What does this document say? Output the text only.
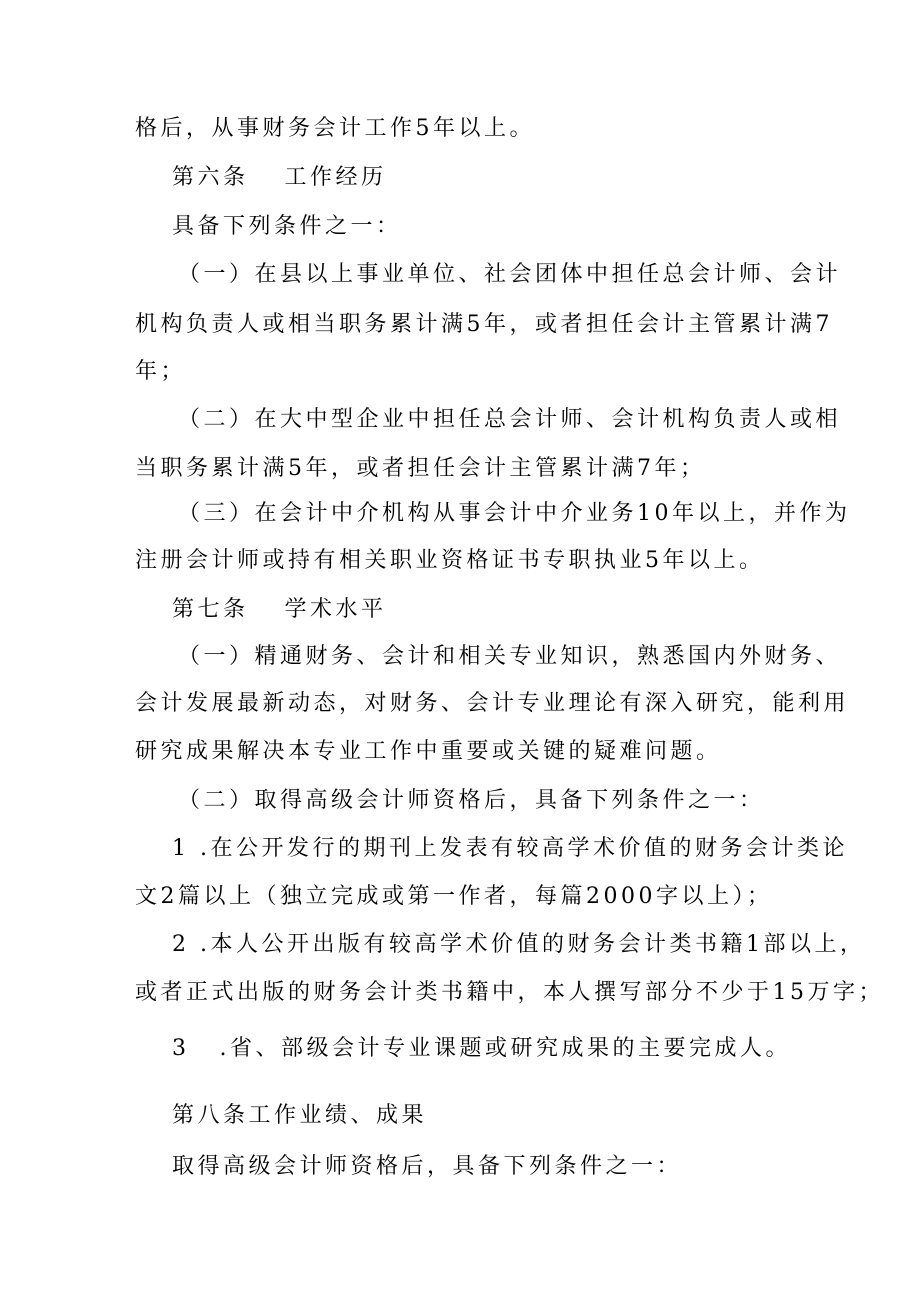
格后，从事财务会计工作5年以上。
第六条 工作经历
具备下列条件之一：
（一）在县以上事业单位、社会团体中担任总会计师、会计
机构负责人或相当职务累计满5年，或者担任会计主管累计满7
年；
（二）在大中型企业中担任总会计师、会计机构负责人或相
当职务累计满5年，或者担任会计主管累计满7年；
（三）在会计中介机构从事会计中介业务10年以上，并作为
注册会计师或持有相关职业资格证书专职执业5年以上。
第七条 学术水平
（一）精通财务、会计和相关专业知识，熟悉国内外财务、
会计发展最新动态，对财务、会计专业理论有深入研究，能利用
研究成果解决本专业工作中重要或关键的疑难问题。
（二）取得高级会计师资格后，具备下列条件之一：
1 .在公开发行的期刊上发表有较高学术价值的财务会计类论
文2篇以上（独立完成或第一作者，每篇2000字以上）；
2 .本人公开出版有较高学术价值的财务会计类书籍1部以上，
或者正式出版的财务会计类书籍中，本人撰写部分不少于15万字；
3 .省、部级会计专业课题或研究成果的主要完成人。
第八条工作业绩、成果
取得高级会计师资格后，具备下列条件之一：
